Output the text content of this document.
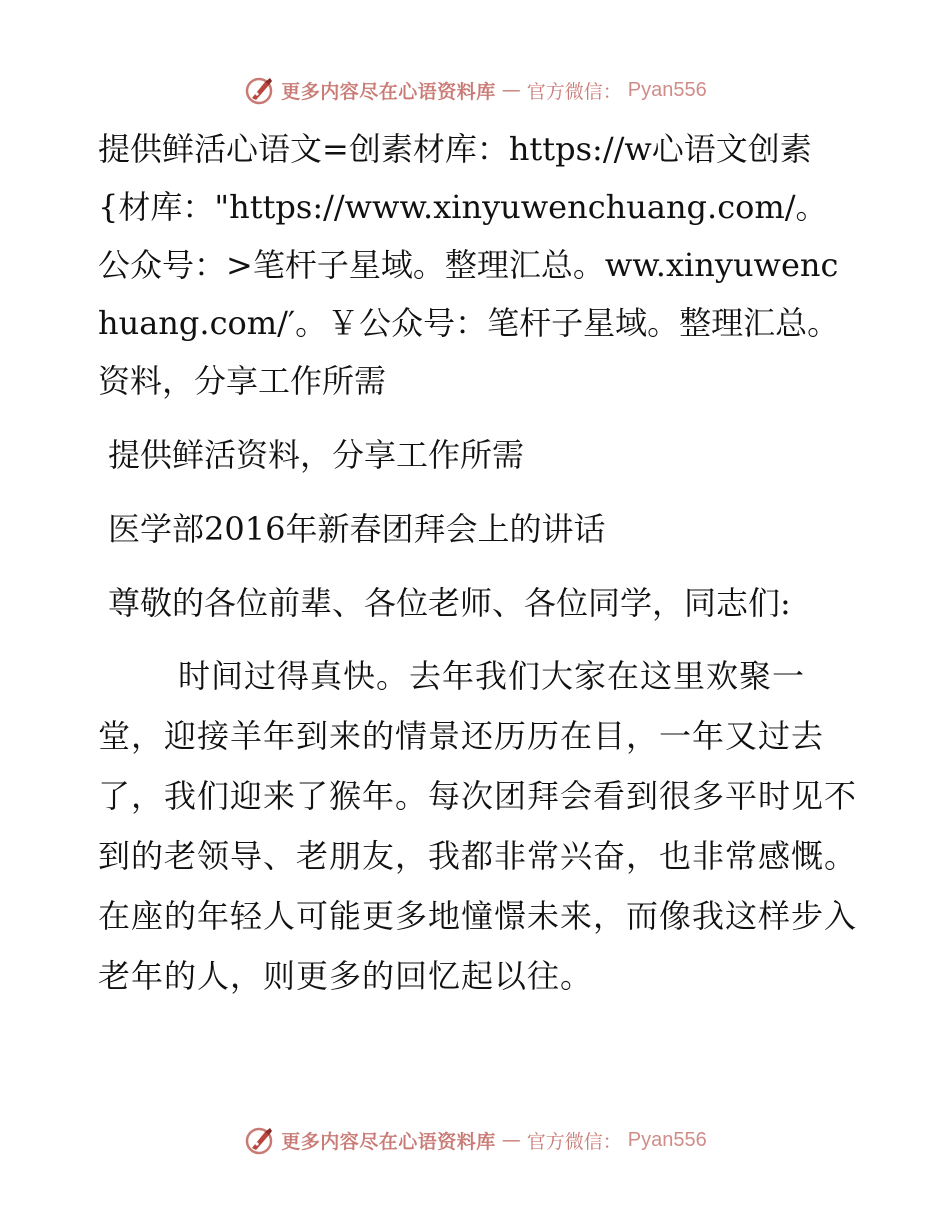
更多内容尽在心语资料库 — 官方微信： Pyan556

提供鲜活心语文=创素材库：https://w心语文创素{材库："https://www.xinyuwenchuang.com/。公众号：>笔杆子星域。整理汇总。ww.xinyuwenchuang.com/′。￥公众号：笔杆子星域。整理汇总。资料，分享工作所需

提供鲜活资料，分享工作所需

医学部2016年新春团拜会上的讲话

尊敬的各位前辈、各位老师、各位同学，同志们:

时间过得真快。去年我们大家在这里欢聚一堂，迎接羊年到来的情景还历历在目，一年又过去了，我们迎来了猴年。每次团拜会看到很多平时见不到的老领导、老朋友，我都非常兴奋，也非常感慨。在座的年轻人可能更多地憧憬未来，而像我这样步入老年的人，则更多的回忆起以往。

更多内容尽在心语资料库 — 官方微信： Pyan556
